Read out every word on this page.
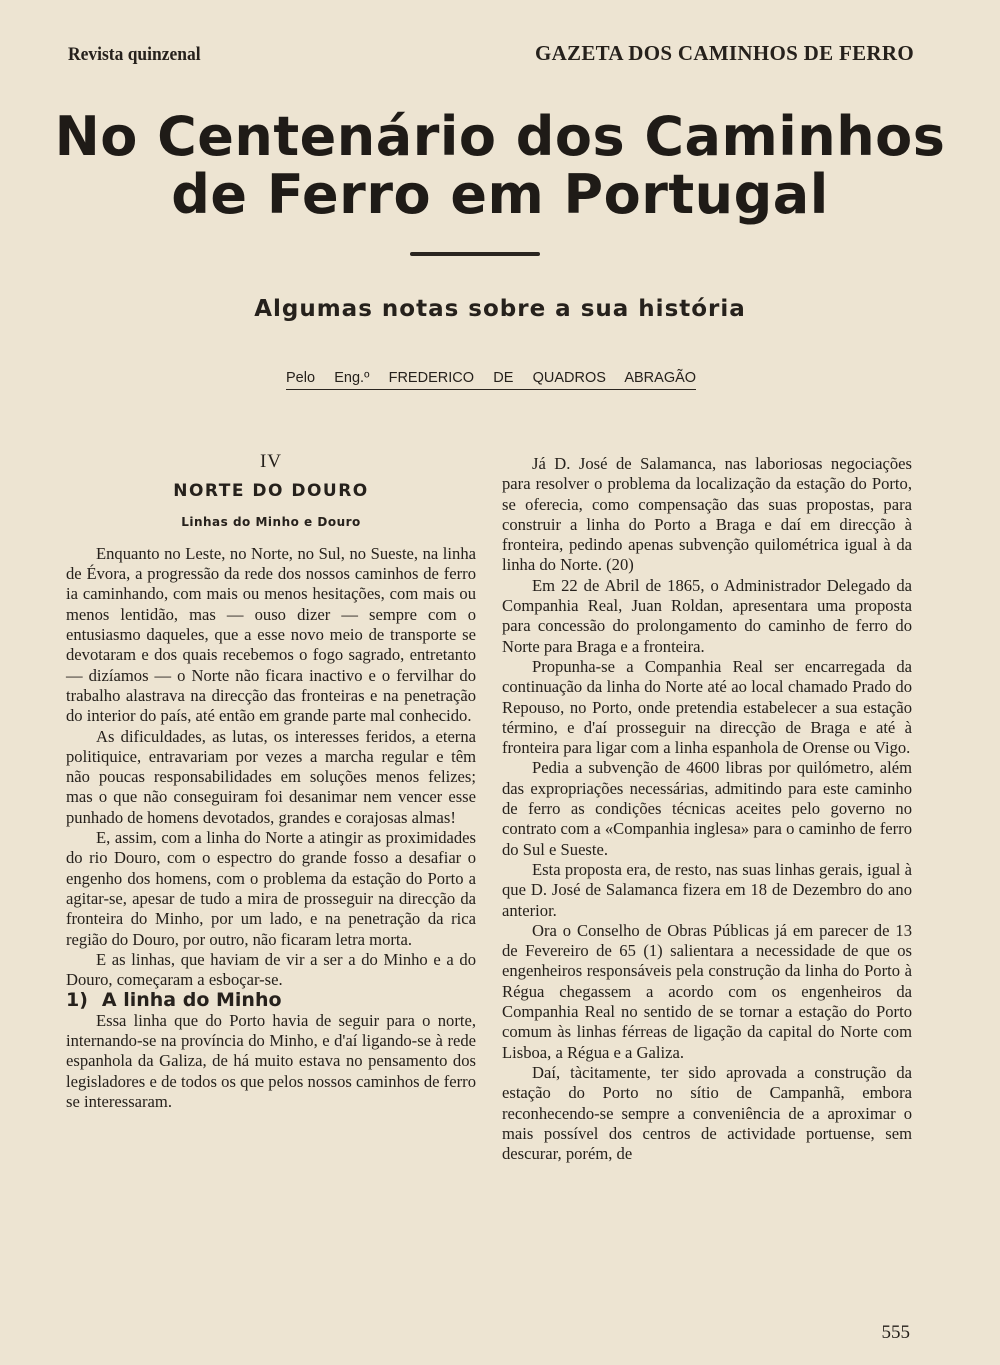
Revista quinzenal	GAZETA DOS CAMINHOS DE FERRO
No Centenário dos Caminhos
de Ferro em Portugal
Algumas notas sobre a sua história
Pelo Eng.º FREDERICO DE QUADROS ABRAGÃO
IV
NORTE DO DOURO
Linhas do Minho e Douro

Enquanto no Leste, no Norte, no Sul, no Sueste, na linha de Évora, a progressão da rede dos nossos caminhos de ferro ia caminhando, com mais ou menos hesitações, com mais ou menos lentidão, mas — ouso dizer — sempre com o entusiasmo daqueles, que a esse novo meio de transporte se devotaram e dos quais recebemos o fogo sagrado, entretanto — dizíamos — o Norte não ficara inactivo e o fervilhar do trabalho alastrava na direcção das fronteiras e na penetração do interior do país, até então em grande parte mal conhecido.

As dificuldades, as lutas, os interesses feridos, a eterna politiquice, entravariam por vezes a marcha regular e têm não poucas responsabilidades em soluções menos felizes; mas o que não conseguiram foi desanimar nem vencer esse punhado de homens devotados, grandes e corajosas almas!

E, assim, com a linha do Norte a atingir as proximidades do rio Douro, com o espectro do grande fosso a desafiar o engenho dos homens, com o problema da estação do Porto a agitar-se, apesar de tudo a mira de prosseguir na direcção da fronteira do Minho, por um lado, e na penetração da rica região do Douro, por outro, não ficaram letra morta.

E as linhas, que haviam de vir a ser a do Minho e a do Douro, começaram a esboçar-se.

1) A linha do Minho

Essa linha que do Porto havia de seguir para o norte, internando-se na província do Minho, e d'aí ligando-se à rede espanhola da Galiza, de há muito estava no pensamento dos legisladores e de todos os que pelos nossos caminhos de ferro se interessaram.

Já D. José de Salamanca, nas laboriosas negociações para resolver o problema da localização da estação do Porto, se oferecia, como compensação das suas propostas, para construir a linha do Porto a Braga e daí em direcção à fronteira, pedindo apenas subvenção quilométrica igual à da linha do Norte. (20)

Em 22 de Abril de 1865, o Administrador Delegado da Companhia Real, Juan Roldan, apresentara uma proposta para concessão do prolongamento do caminho de ferro do Norte para Braga e a fronteira.

Propunha-se a Companhia Real ser encarregada da continuação da linha do Norte até ao local chamado Prado do Repouso, no Porto, onde pretendia estabelecer a sua estação término, e d'aí prosseguir na direcção de Braga e até à fronteira para ligar com a linha espanhola de Orense ou Vigo.

Pedia a subvenção de 4600 libras por quilómetro, além das expropriações necessárias, admitindo para este caminho de ferro as condições técnicas aceites pelo governo no contrato com a «Companhia inglesa» para o caminho de ferro do Sul e Sueste.

Esta proposta era, de resto, nas suas linhas gerais, igual à que D. José de Salamanca fizera em 18 de Dezembro do ano anterior.

Ora o Conselho de Obras Públicas já em parecer de 13 de Fevereiro de 65 (1) salientara a necessidade de que os engenheiros responsáveis pela construção da linha do Porto à Régua chegassem a acordo com os engenheiros da Companhia Real no sentido de se tornar a estação do Porto comum às linhas férreas de ligação da capital do Norte com Lisboa, a Régua e a Galiza.

Daí, tàcitamente, ter sido aprovada a construção da estação do Porto no sítio de Campanhã, embora reconhecendo-se sempre a conveniência de a aproximar o mais possível dos centros de actividade portuense, sem descurar, porém, de

555
